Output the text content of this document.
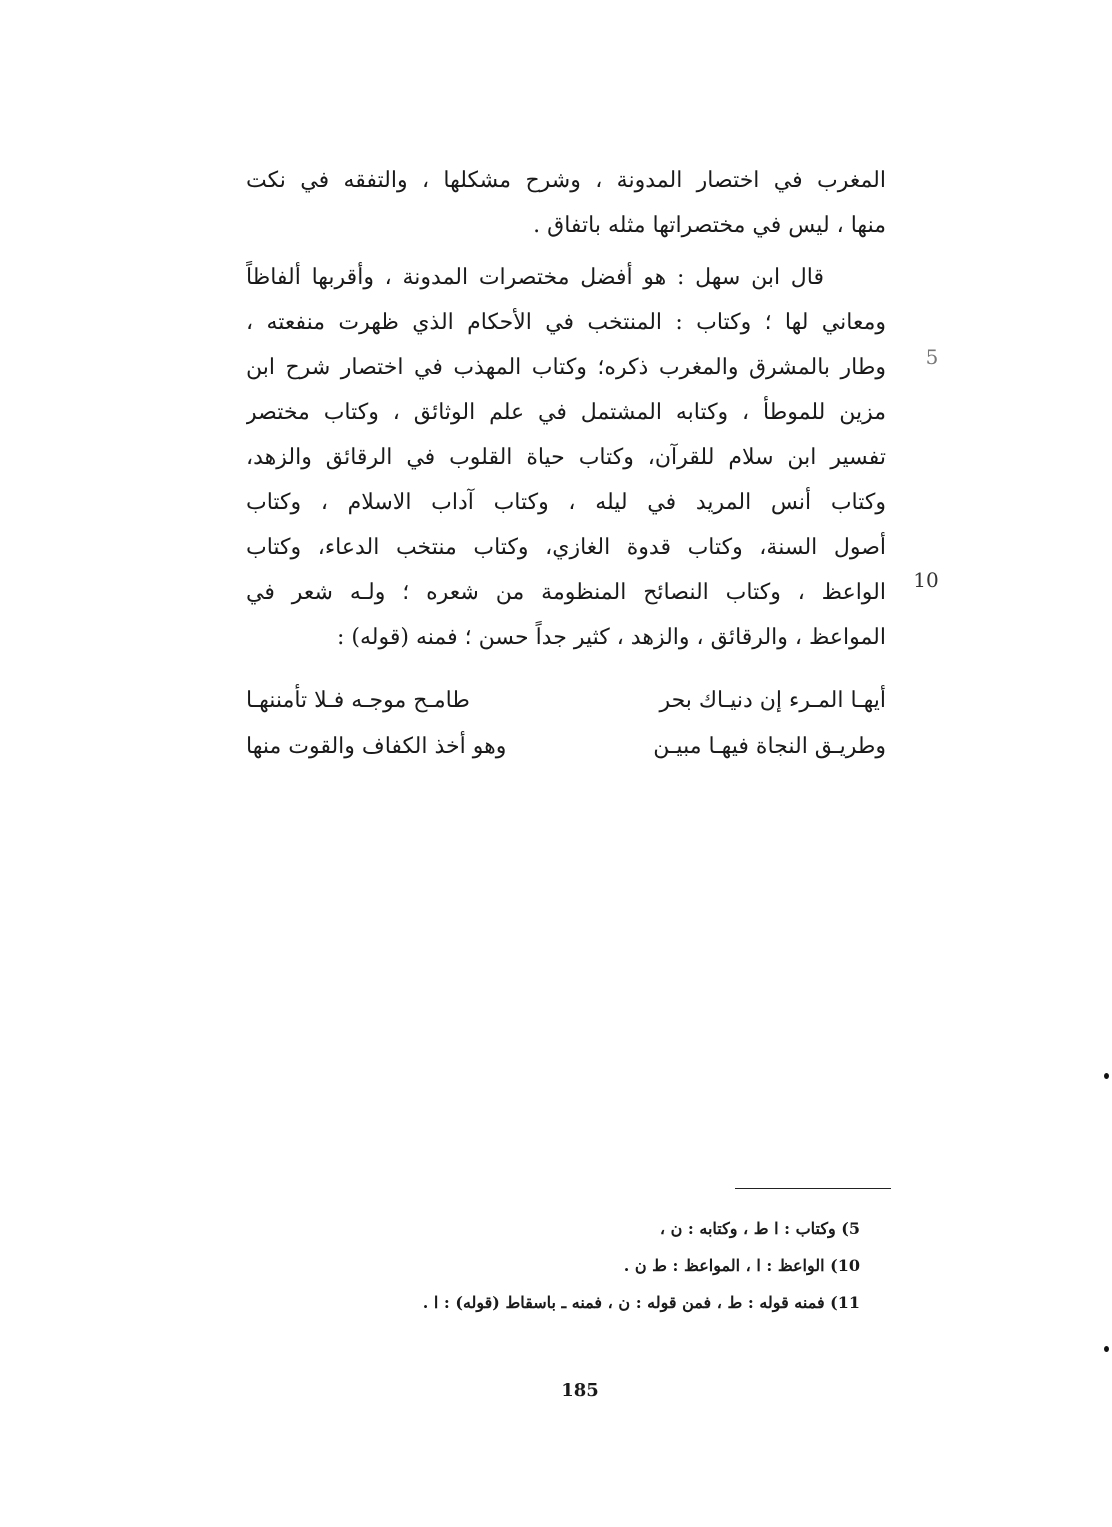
المغرب في اختصار المدونة ، وشرح مشكلها ، والتفقه في نكت
منها ، ليس في مختصراتها مثله باتفاق .
قال ابن سهل : هو أفضل مختصرات المدونة ، وأقربها ألفاظاً
ومعاني لها ؛ وكتاب : المنتخب في الأحكام الذي ظهرت منفعته ،
وطار بالمشرق والمغرب ذكره؛ وكتاب المهذب في اختصار شرح ابن
مزين للموطأ ، وكتابه المشتمل في علم الوثائق ، وكتاب مختصر
تفسير ابن سلام للقرآن، وكتاب حياة القلوب في الرقائق والزهد،
وكتاب أنس المريد في ليله ، وكتاب آداب الاسلام ، وكتاب
أصول السنة، وكتاب قدوة الغازي، وكتاب منتخب الدعاء، وكتاب
الواعظ ، وكتاب النصائح المنظومة من شعره ؛ ولـه شعر في
المواعظ ، والرقائق ، والزهد ، كثير جداً حسن ؛ فمنه (قوله) :
5
10
أيهـا المـرء إن دنيـاك بحر
طامـح موجـه فـلا تأمننهـا
وطريـق النجاة فيهـا مبيـن
وهو أخذ الكفاف والقوت منها
5) وكتاب : ا ط ، وكتابه : ن ،
10) الواعظ : ا ، المواعظ : ط ن .
11) فمنه قوله : ط ، فمن قوله : ن ، فمنه ـ باسقاط (قوله) : ا .
185
